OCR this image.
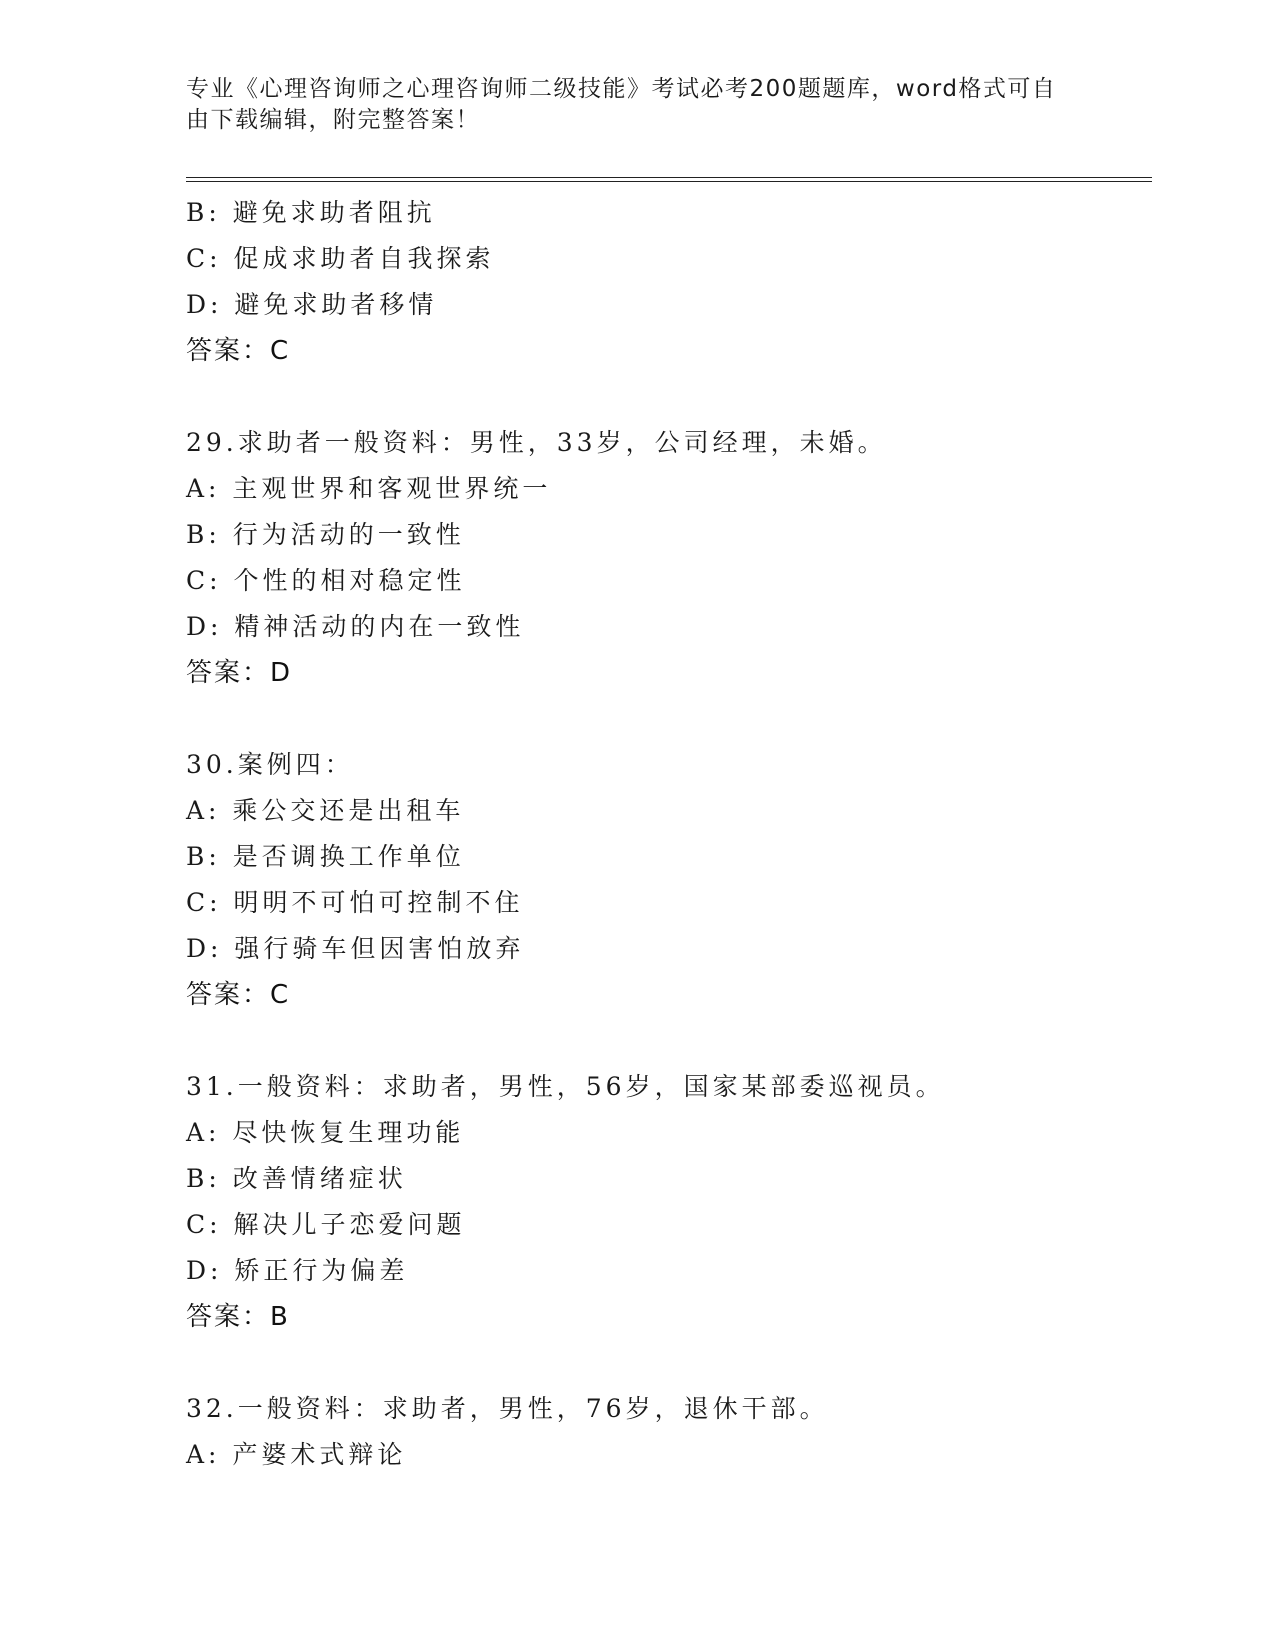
专业《心理咨询师之心理咨询师二级技能》考试必考200题题库，word格式可自
由下载编辑，附完整答案！
B: 避免求助者阻抗
C: 促成求助者自我探索
D: 避免求助者移情
答案：C
29.求助者一般资料：男性，33岁，公司经理，未婚。
A: 主观世界和客观世界统一
B: 行为活动的一致性
C: 个性的相对稳定性
D: 精神活动的内在一致性
答案：D
30.案例四：
A: 乘公交还是出租车
B: 是否调换工作单位
C: 明明不可怕可控制不住
D: 强行骑车但因害怕放弃
答案：C
31.一般资料：求助者，男性，56岁，国家某部委巡视员。
A: 尽快恢复生理功能
B: 改善情绪症状
C: 解决儿子恋爱问题
D: 矫正行为偏差
答案：B
32.一般资料：求助者，男性，76岁，退休干部。
A: 产婆术式辩论
